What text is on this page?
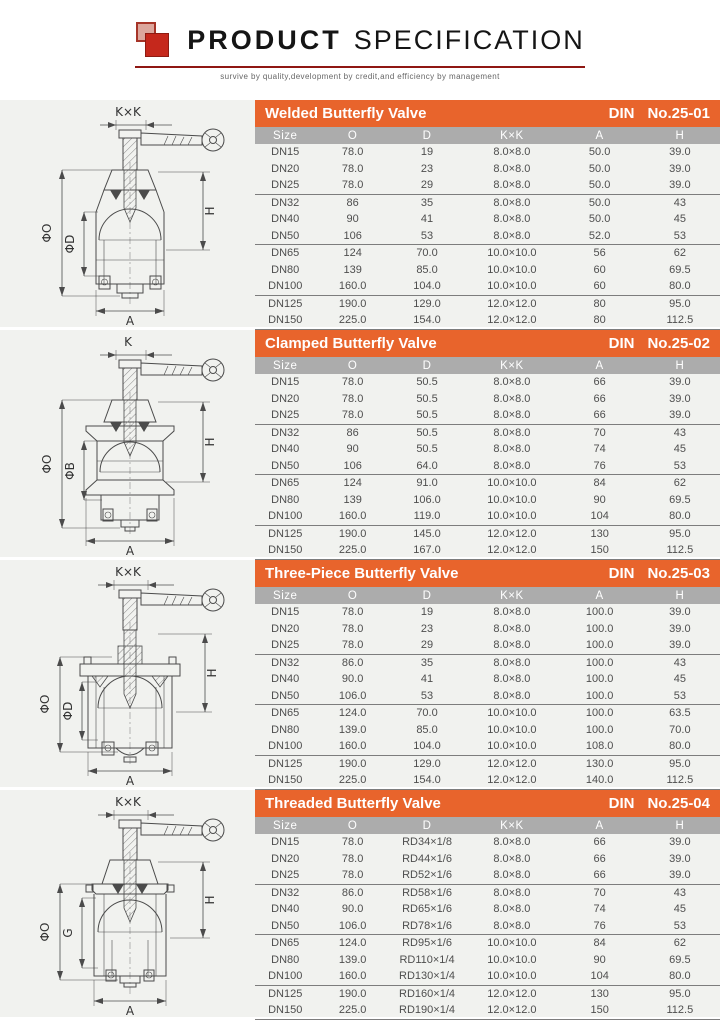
PRODUCT SPECIFICATION
survive by quality,development by credit,and efficiency by management
K×K
ΦO
ΦD
H
A
Welded Butterfly Valve	DIN No.25-01
Size	O	D	K×K	A	H
DN15	78.0	19	8.0×8.0	50.0	39.0
DN20	78.0	23	8.0×8.0	50.0	39.0
DN25	78.0	29	8.0×8.0	50.0	39.0
DN32	86	35	8.0×8.0	50.0	43
DN40	90	41	8.0×8.0	50.0	45
DN50	106	53	8.0×8.0	52.0	53
DN65	124	70.0	10.0×10.0	56	62
DN80	139	85.0	10.0×10.0	60	69.5
DN100	160.0	104.0	10.0×10.0	60	80.0
DN125	190.0	129.0	12.0×12.0	80	95.0
DN150	225.0	154.0	12.0×12.0	80	112.5
K
ΦO ΦB
H
A
Clamped Butterfly Valve	DIN No.25-02
Size	O	D	K×K	A	H
DN15	78.0	50.5	8.0×8.0	66	39.0
DN20	78.0	50.5	8.0×8.0	66	39.0
DN25	78.0	50.5	8.0×8.0	66	39.0
DN32	86	50.5	8.0×8.0	70	43
DN40	90	50.5	8.0×8.0	74	45
DN50	106	64.0	8.0×8.0	76	53
DN65	124	91.0	10.0×10.0	84	62
DN80	139	106.0	10.0×10.0	90	69.5
DN100	160.0	119.0	10.0×10.0	104	80.0
DN125	190.0	145.0	12.0×12.0	130	95.0
DN150	225.0	167.0	12.0×12.0	150	112.5
K×K
ΦO ΦD
H
A
Three-Piece Butterfly Valve	DIN No.25-03
Size	O	D	K×K	A	H
DN15	78.0	19	8.0×8.0	100.0	39.0
DN20	78.0	23	8.0×8.0	100.0	39.0
DN25	78.0	29	8.0×8.0	100.0	39.0
DN32	86.0	35	8.0×8.0	100.0	43
DN40	90.0	41	8.0×8.0	100.0	45
DN50	106.0	53	8.0×8.0	100.0	53
DN65	124.0	70.0	10.0×10.0	100.0	63.5
DN80	139.0	85.0	10.0×10.0	100.0	70.0
DN100	160.0	104.0	10.0×10.0	108.0	80.0
DN125	190.0	129.0	12.0×12.0	130.0	95.0
DN150	225.0	154.0	12.0×12.0	140.0	112.5
K×K
ΦO G
H
A
Threaded Butterfly Valve	DIN No.25-04
Size	O	D	K×K	A	H
DN15	78.0	RD34×1/8	8.0×8.0	66	39.0
DN20	78.0	RD44×1/6	8.0×8.0	66	39.0
DN25	78.0	RD52×1/6	8.0×8.0	66	39.0
DN32	86.0	RD58×1/6	8.0×8.0	70	43
DN40	90.0	RD65×1/6	8.0×8.0	74	45
DN50	106.0	RD78×1/6	8.0×8.0	76	53
DN65	124.0	RD95×1/6	10.0×10.0	84	62
DN80	139.0	RD110×1/4	10.0×10.0	90	69.5
DN100	160.0	RD130×1/4	10.0×10.0	104	80.0
DN125	190.0	RD160×1/4	12.0×12.0	130	95.0
DN150	225.0	RD190×1/4	12.0×12.0	150	112.5
